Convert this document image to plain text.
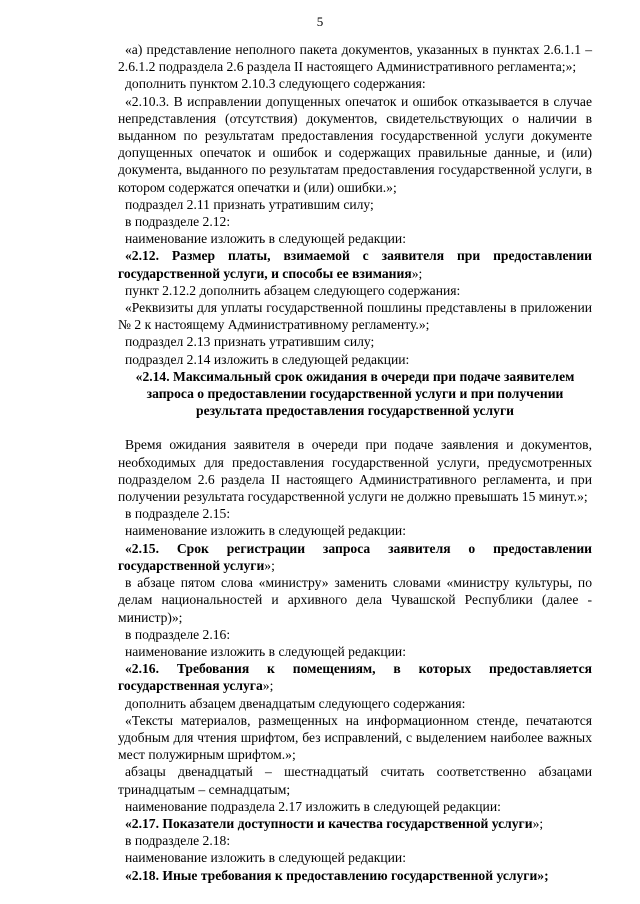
5

«а) представление неполного пакета документов, указанных в пунктах 2.6.1.1 – 2.6.1.2 подраздела 2.6 раздела II настоящего Административного регламента;»;

дополнить пунктом 2.10.3 следующего содержания:

«2.10.3. В исправлении допущенных опечаток и ошибок отказывается в случае непредставления (отсутствия) документов, свидетельствующих о наличии в выданном по результатам предоставления государственной услуги документе допущенных опечаток и ошибок и содержащих правильные данные, и (или) документа, выданного по результатам предоставления государственной услуги, в котором содержатся опечатки и (или) ошибки.»;

подраздел 2.11 признать утратившим силу;

в подразделе 2.12:

наименование изложить в следующей редакции:

«2.12. Размер платы, взимаемой с заявителя при предоставлении государственной услуги, и способы ее взимания»;

пункт 2.12.2 дополнить абзацем следующего содержания:

«Реквизиты для уплаты государственной пошлины представлены в приложении № 2 к настоящему Административному регламенту.»;

подраздел 2.13 признать утратившим силу;

подраздел 2.14 изложить в следующей редакции:

«2.14. Максимальный срок ожидания в очереди при подаче заявителем запроса о предоставлении государственной услуги и при получении результата предоставления государственной услуги

Время ожидания заявителя в очереди при подаче заявления и документов, необходимых для предоставления государственной услуги, предусмотренных подразделом 2.6 раздела II настоящего Административного регламента, и при получении результата государственной услуги не должно превышать 15 минут.»;

в подразделе 2.15:

наименование изложить в следующей редакции:

«2.15. Срок регистрации запроса заявителя о предоставлении государственной услуги»;

в абзаце пятом слова «министру» заменить словами «министру культуры, по делам национальностей и архивного дела Чувашской Республики (далее - министр)»;

в подразделе 2.16:

наименование изложить в следующей редакции:

«2.16. Требования к помещениям, в которых предоставляется государственная услуга»;

дополнить абзацем двенадцатым следующего содержания:

«Тексты материалов, размещенных на информационном стенде, печатаются удобным для чтения шрифтом, без исправлений, с выделением наиболее важных мест полужирным шрифтом.»;

абзацы двенадцатый – шестнадцатый считать соответственно абзацами тринадцатым – семнадцатым;

наименование подраздела 2.17 изложить в следующей редакции:

«2.17. Показатели доступности и качества государственной услуги»;

в подразделе 2.18:

наименование изложить в следующей редакции:

«2.18. Иные требования к предоставлению государственной услуги»;
